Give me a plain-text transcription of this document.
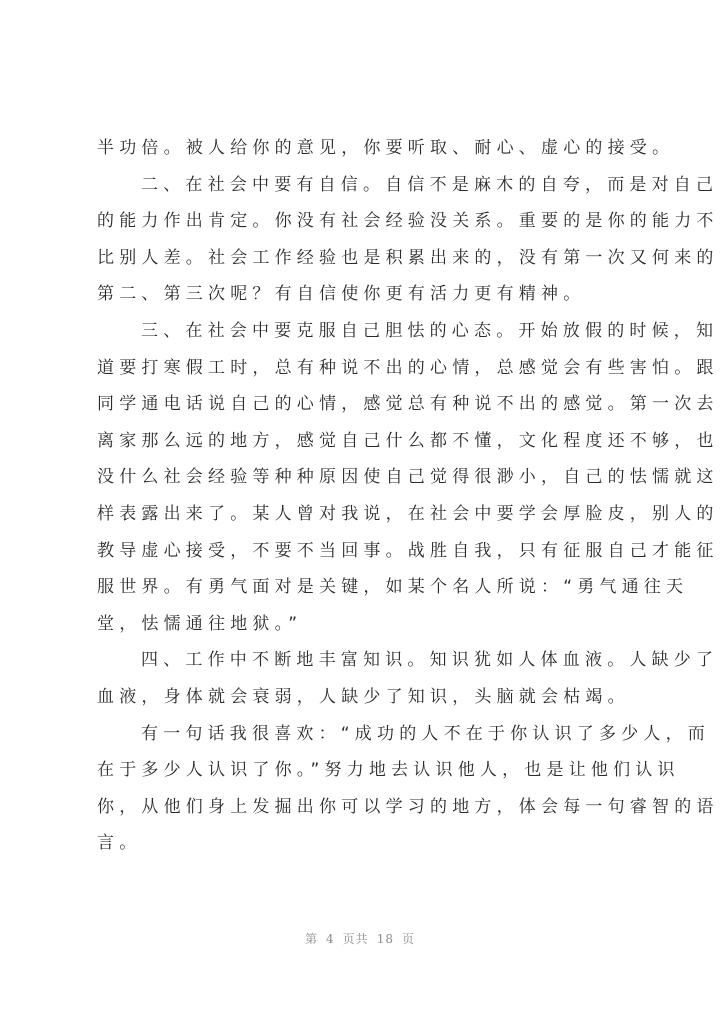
半功倍。被人给你的意见，你要听取、耐心、虚心的接受。
二、在社会中要有自信。自信不是麻木的自夸，而是对自己
的能力作出肯定。你没有社会经验没关系。重要的是你的能力不
比别人差。社会工作经验也是积累出来的，没有第一次又何来的
第二、第三次呢？有自信使你更有活力更有精神。
三、在社会中要克服自己胆怯的心态。开始放假的时候，知
道要打寒假工时，总有种说不出的心情，总感觉会有些害怕。跟
同学通电话说自己的心情，感觉总有种说不出的感觉。第一次去
离家那么远的地方，感觉自己什么都不懂，文化程度还不够，也
没什么社会经验等种种原因使自己觉得很渺小，自己的怯懦就这
样表露出来了。某人曾对我说，在社会中要学会厚脸皮，别人的
教导虚心接受，不要不当回事。战胜自我，只有征服自己才能征
服世界。有勇气面对是关键，如某个名人所说：“勇气通往天
堂，怯懦通往地狱。”
四、工作中不断地丰富知识。知识犹如人体血液。人缺少了
血液，身体就会衰弱，人缺少了知识，头脑就会枯竭。
有一句话我很喜欢：“成功的人不在于你认识了多少人，而
在于多少人认识了你。”努力地去认识他人，也是让他们认识
你，从他们身上发掘出你可以学习的地方，体会每一句睿智的语
言。
第 4 页共 18 页
